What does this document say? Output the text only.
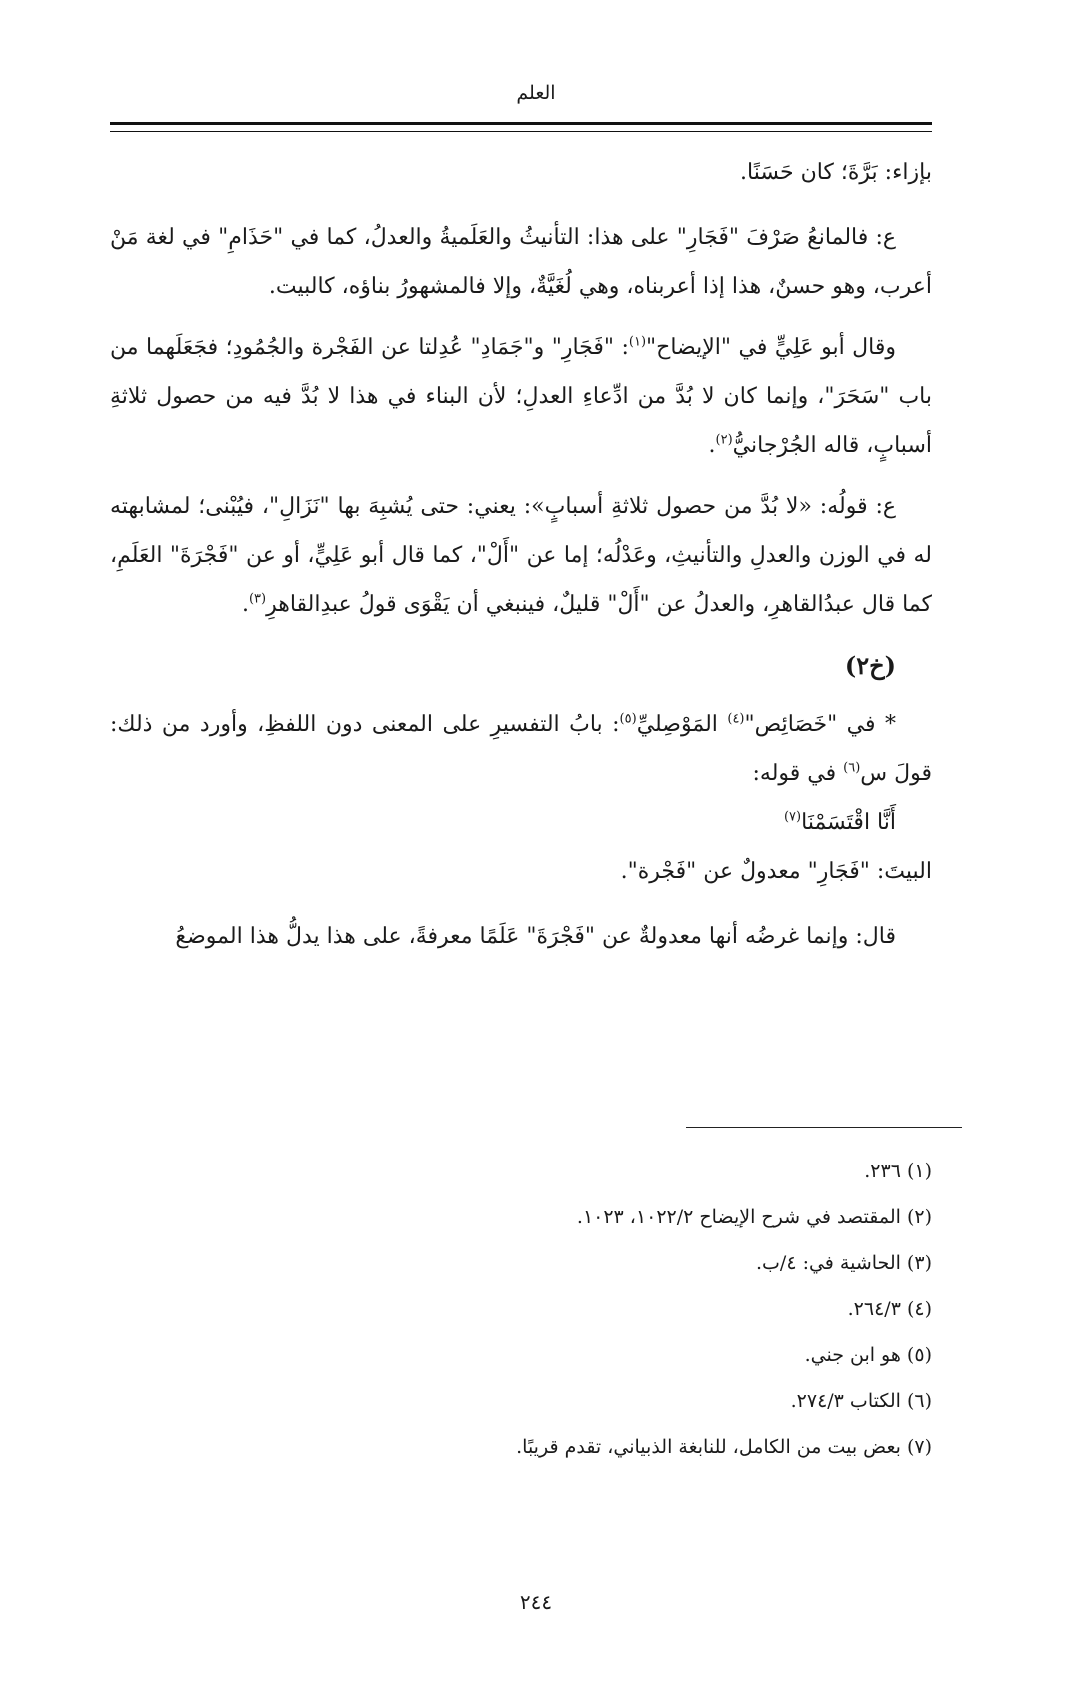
العلم

بإزاء: بَرَّةَ؛ كان حَسَنًا.

ع: فالمانعُ صَرْفَ "فَجَارِ" على هذا: التأنيثُ والعَلَميةُ والعدلُ، كما في "حَذَامِ" في لغة مَنْ أعرب، وهو حسنٌ، هذا إذا أعربناه، وهي لُغَيَّةٌ، وإلا فالمشهورُ بناؤه، كالبيت.

وقال أبو عَلِيٍّ في "الإيضاح"$^{(١)}$: "فَجَارِ" و"جَمَادِ" عُدِلتا عن الفَجْرة والجُمُودِ؛ فجَعَلَهما من باب "سَحَرَ"، وإنما كان لا بُدَّ من ادِّعاءِ العدلِ؛ لأن البناء في هذا لا بُدَّ فيه من حصول ثلاثةِ أسبابٍ، قاله الجُرْجانيُّ$^{(٢)}$.

ع: قولُه: «لا بُدَّ من حصول ثلاثةِ أسبابٍ»: يعني: حتى يُشبِهَ بها "نَزَالِ"، فيُبْنى؛ لمشابهته له في الوزن والعدلِ والتأنيثِ، وعَدْلُه؛ إما عن "أَلْ"، كما قال أبو عَلِيٍّ، أو عن "فَجْرَةَ" العَلَمِ، كما قال عبدُالقاهرِ، والعدلُ عن "أَلْ" قليلٌ، فينبغي أن يَقْوَى قولُ عبدِالقاهرِ$^{(٣)}$.

(خ٢)

* في "خَصَائِص"$^{(٤)}$ المَوْصِليِّ$^{(٥)}$: بابُ التفسيرِ على المعنى دون اللفظِ، وأورد من ذلك: قولَ س$^{(٦)}$ في قوله:

أَنَّا اقْتَسَمْنَا$^{(٧)}$

البيتَ: "فَجَارِ" معدولٌ عن "فَجْرة".

قال: وإنما غرضُه أنها معدولةٌ عن "فَجْرَةَ" عَلَمًا معرفةً، على هذا يدلُّ هذا الموضعُ

(١) ٢٣٦.
(٢) المقتصد في شرح الإيضاح ١٠٢٢/٢، ١٠٢٣.
(٣) الحاشية في: ٤/ب.
(٤) ٢٦٤/٣.
(٥) هو ابن جني.
(٦) الكتاب ٢٧٤/٣.
(٧) بعض بيت من الكامل، للنابغة الذبياني، تقدم قريبًا.
٢٤٤
